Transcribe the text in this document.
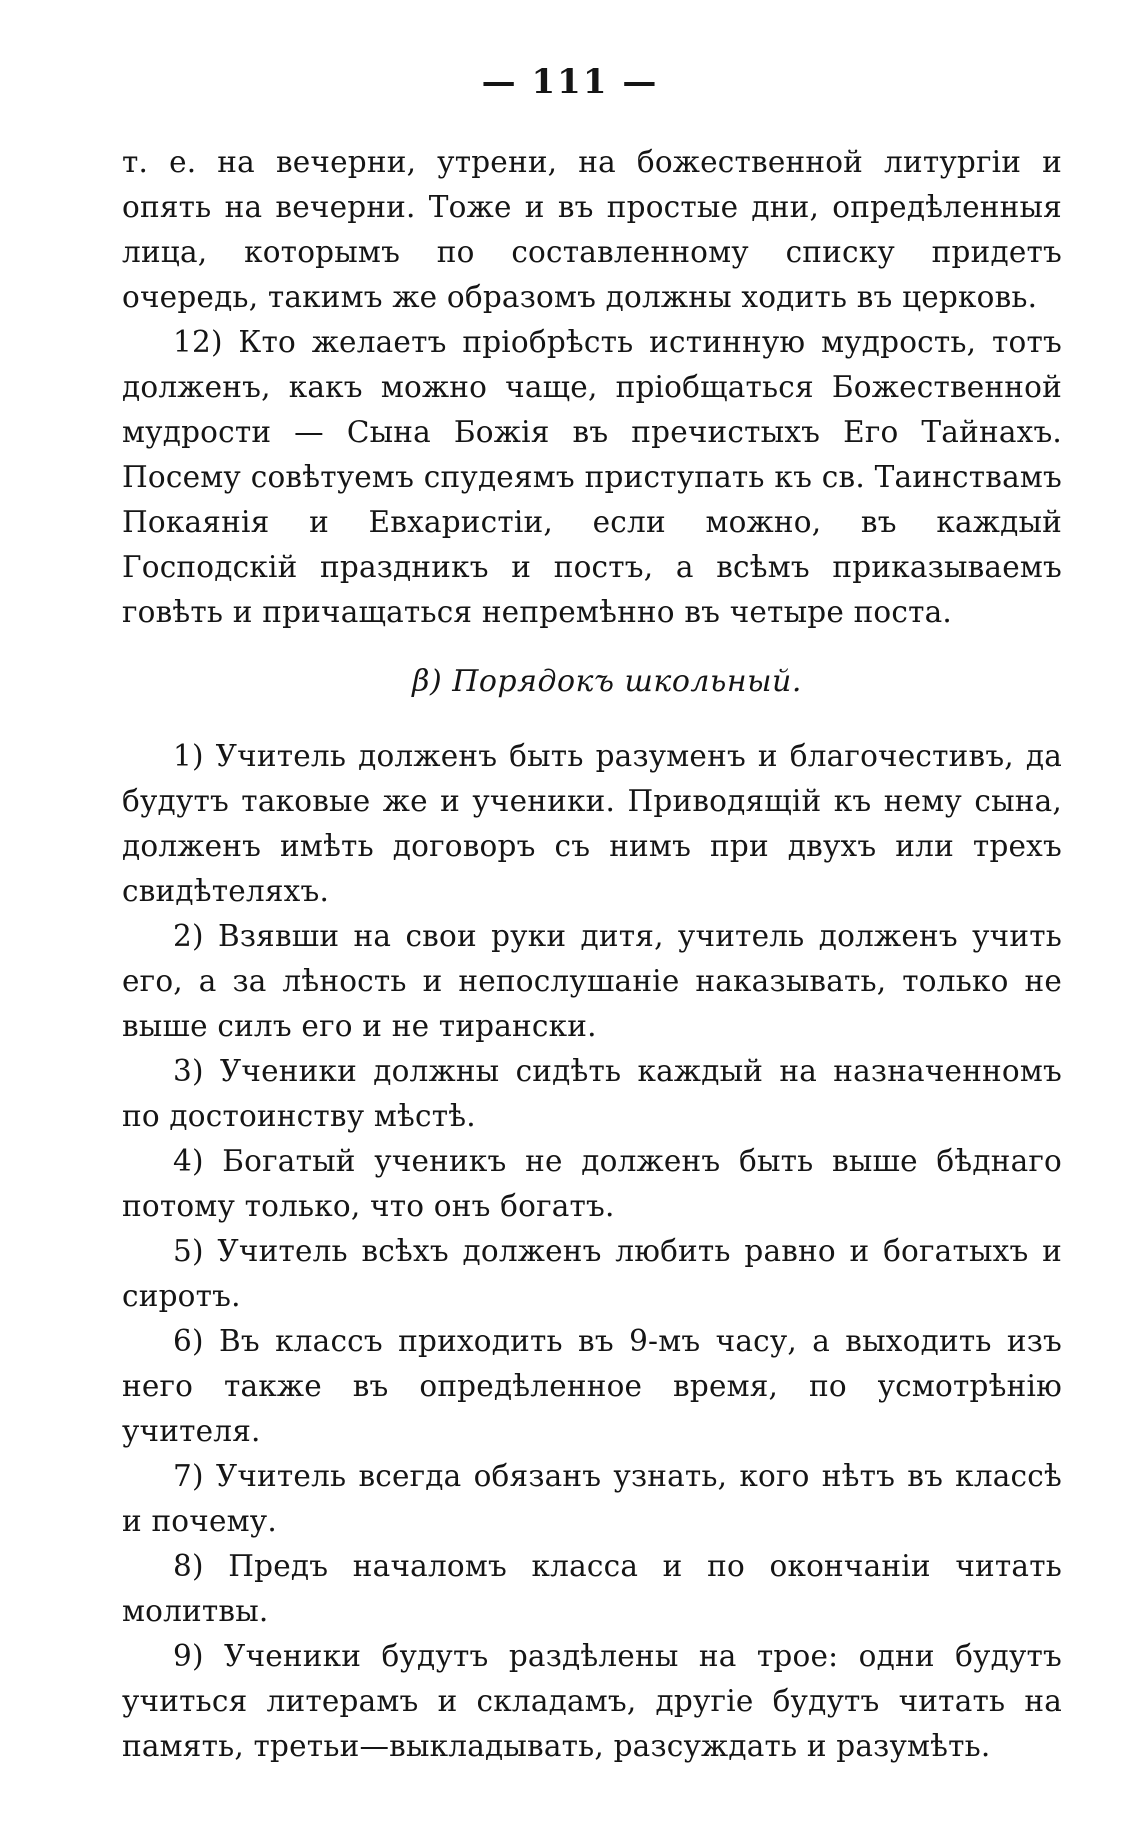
— 111 —

т. е. на вечерни, утрени, на божественной литургіи и опять на вечерни. Тоже и въ простые дни, опредѣленныя лица, которымъ по составленному списку придетъ очередь, такимъ же образомъ должны ходить въ церковь.

12) Кто желаетъ пріобрѣсть истинную мудрость, тотъ долженъ, какъ можно чаще, пріобщаться Божественной мудрости — Сына Божія въ пречистыхъ Его Тайнахъ. Посему совѣтуемъ спудеямъ приступать къ св. Таинствамъ Покаянія и Евхаристіи, если можно, въ каждый Господскій праздникъ и постъ, а всѣмъ приказываемъ говѣть и причащаться непремѣнно въ четыре поста.

β) Порядокъ школьный.

1) Учитель долженъ быть разуменъ и благочестивъ, да будутъ таковые же и ученики. Приводящій къ нему сына, долженъ имѣть договоръ съ нимъ при двухъ или трехъ свидѣтеляхъ.

2) Взявши на свои руки дитя, учитель долженъ учить его, а за лѣность и непослушаніе наказывать, только не выше силъ его и не тирански.

3) Ученики должны сидѣть каждый на назначенномъ по достоинству мѣстѣ.

4) Богатый ученикъ не долженъ быть выше бѣднаго потому только, что онъ богатъ.

5) Учитель всѣхъ долженъ любить равно и богатыхъ и сиротъ.

6) Въ классъ приходить въ 9-мъ часу, а выходить изъ него также въ опредѣленное время, по усмотрѣнію учителя.

7) Учитель всегда обязанъ узнать, кого нѣтъ въ классѣ и почему.

8) Предъ началомъ класса и по окончаніи читать молитвы.

9) Ученики будутъ раздѣлены на трое: одни будутъ учиться литерамъ и складамъ, другіе будутъ читать на память, третьи—выкладывать, разсуждать и разумѣть.
